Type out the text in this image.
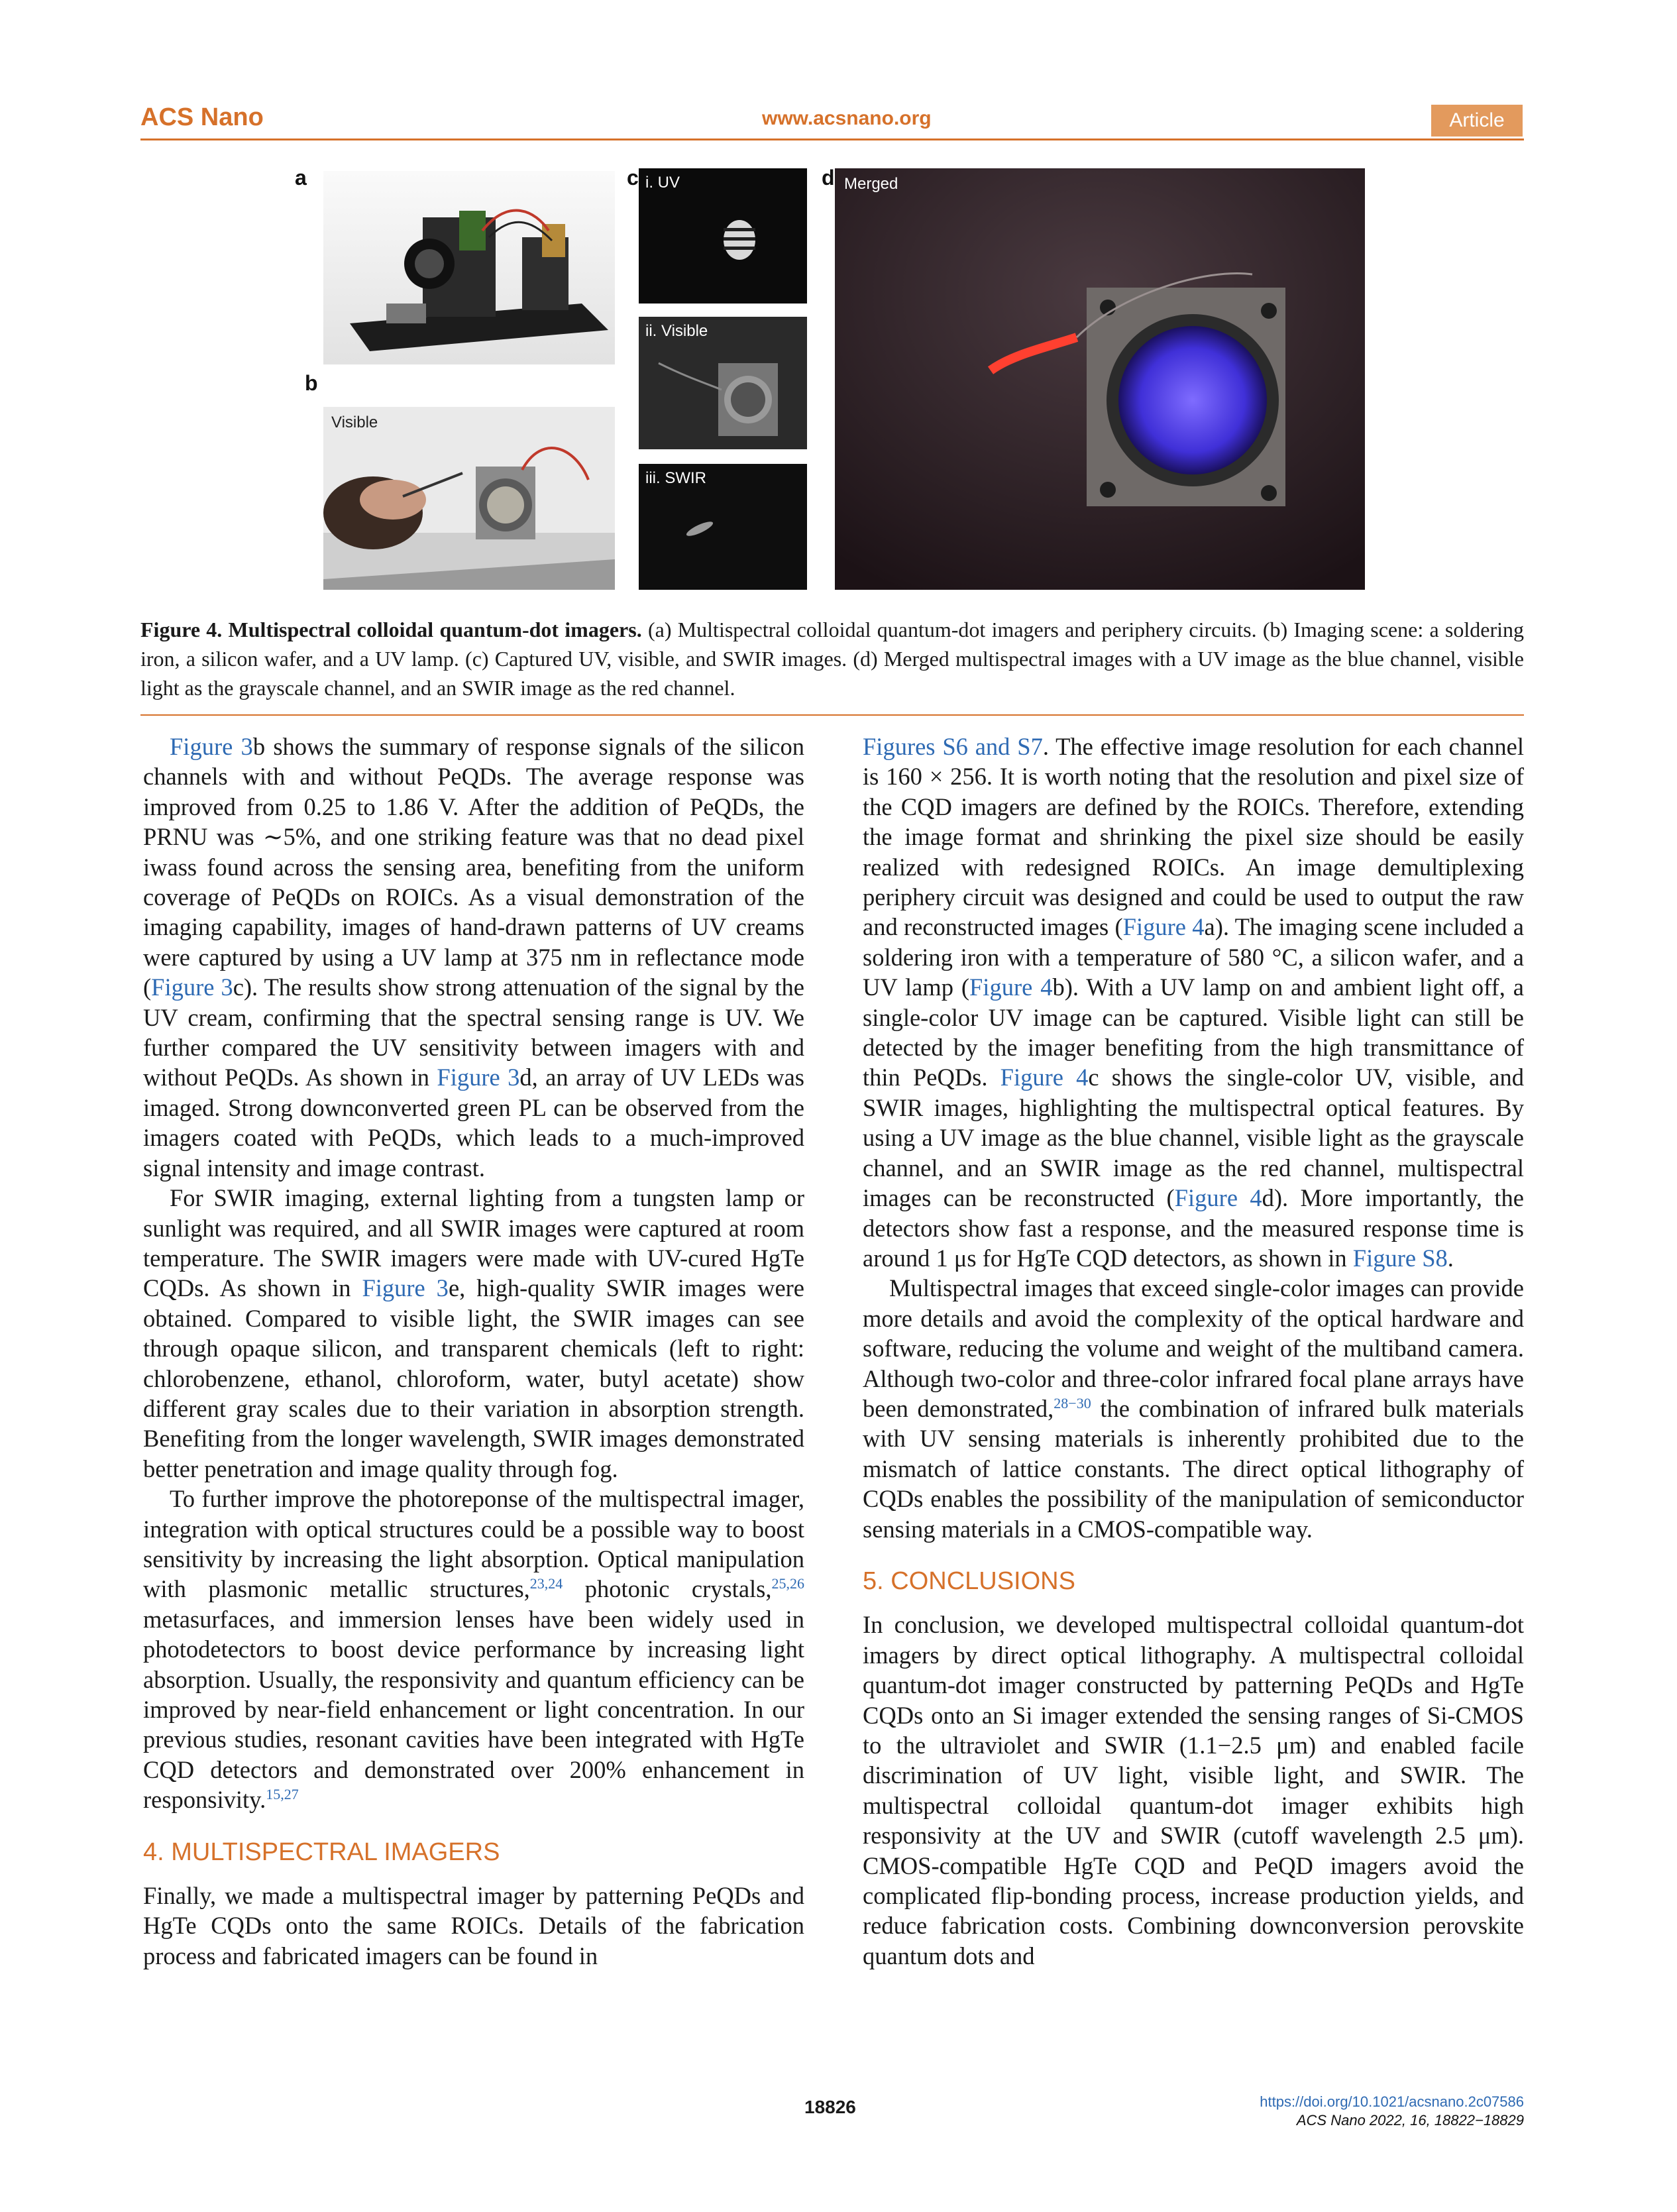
ACS Nano	www.acsnano.org	Article
a
b
c	d
Visible
i. UV
ii. Visible
iii. SWIR
Merged
Figure 4. Multispectral colloidal quantum-dot imagers. (a) Multispectral colloidal quantum-dot imagers and periphery circuits. (b) Imaging scene: a soldering iron, a silicon wafer, and a UV lamp. (c) Captured UV, visible, and SWIR images. (d) Merged multispectral images with a UV image as the blue channel, visible light as the grayscale channel, and an SWIR image as the red channel.

Figure 3b shows the summary of response signals of the silicon channels with and without PeQDs. The average response was improved from 0.25 to 1.86 V. After the addition of PeQDs, the PRNU was ∼5%, and one striking feature was that no dead pixel iwass found across the sensing area, benefiting from the uniform coverage of PeQDs on ROICs. As a visual demonstration of the imaging capability, images of hand-drawn patterns of UV creams were captured by using a UV lamp at 375 nm in reflectance mode (Figure 3c). The results show strong attenuation of the signal by the UV cream, confirming that the spectral sensing range is UV. We further compared the UV sensitivity between imagers with and without PeQDs. As shown in Figure 3d, an array of UV LEDs was imaged. Strong downconverted green PL can be observed from the imagers coated with PeQDs, which leads to a much-improved signal intensity and image contrast.

For SWIR imaging, external lighting from a tungsten lamp or sunlight was required, and all SWIR images were captured at room temperature. The SWIR imagers were made with UV-cured HgTe CQDs. As shown in Figure 3e, high-quality SWIR images were obtained. Compared to visible light, the SWIR images can see through opaque silicon, and transparent chemicals (left to right: chlorobenzene, ethanol, chloroform, water, butyl acetate) show different gray scales due to their variation in absorption strength. Benefiting from the longer wavelength, SWIR images demonstrated better penetration and image quality through fog.

To further improve the photoreponse of the multispectral imager, integration with optical structures could be a possible way to boost sensitivity by increasing the light absorption. Optical manipulation with plasmonic metallic structures,$^{23,24}$ photonic crystals,$^{25,26}$ metasurfaces, and immersion lenses have been widely used in photodetectors to boost device performance by increasing light absorption. Usually, the responsivity and quantum efficiency can be improved by near-field enhancement or light concentration. In our previous studies, resonant cavities have been integrated with HgTe CQD detectors and demonstrated over 200% enhancement in responsivity.$^{15,27}$

4. MULTISPECTRAL IMAGERS

Finally, we made a multispectral imager by patterning PeQDs and HgTe CQDs onto the same ROICs. Details of the fabrication process and fabricated imagers can be found in

Figures S6 and S7. The effective image resolution for each channel is 160 × 256. It is worth noting that the resolution and pixel size of the CQD imagers are defined by the ROICs. Therefore, extending the image format and shrinking the pixel size should be easily realized with redesigned ROICs. An image demultiplexing periphery circuit was designed and could be used to output the raw and reconstructed images (Figure 4a). The imaging scene included a soldering iron with a temperature of 580 °C, a silicon wafer, and a UV lamp (Figure 4b). With a UV lamp on and ambient light off, a single-color UV image can be captured. Visible light can still be detected by the imager benefiting from the high transmittance of thin PeQDs. Figure 4c shows the single-color UV, visible, and SWIR images, highlighting the multispectral optical features. By using a UV image as the blue channel, visible light as the grayscale channel, and an SWIR image as the red channel, multispectral images can be reconstructed (Figure 4d). More importantly, the detectors show fast a response, and the measured response time is around 1 μs for HgTe CQD detectors, as shown in Figure S8.

Multispectral images that exceed single-color images can provide more details and avoid the complexity of the optical hardware and software, reducing the volume and weight of the multiband camera. Although two-color and three-color infrared focal plane arrays have been demonstrated,$^{28-30}$ the combination of infrared bulk materials with UV sensing materials is inherently prohibited due to the mismatch of lattice constants. The direct optical lithography of CQDs enables the possibility of the manipulation of semiconductor sensing materials in a CMOS-compatible way.

5. CONCLUSIONS

In conclusion, we developed multispectral colloidal quantum-dot imagers by direct optical lithography. A multispectral colloidal quantum-dot imager constructed by patterning PeQDs and HgTe CQDs onto an Si imager extended the sensing ranges of Si-CMOS to the ultraviolet and SWIR (1.1−2.5 μm) and enabled facile discrimination of UV light, visible light, and SWIR. The multispectral colloidal quantum-dot imager exhibits high responsivity at the UV and SWIR (cutoff wavelength 2.5 μm). CMOS-compatible HgTe CQD and PeQD imagers avoid the complicated flip-bonding process, increase production yields, and reduce fabrication costs. Combining downconversion perovskite quantum dots and

18826	https://doi.org/10.1021/acsnano.2c07586
ACS Nano 2022, 16, 18822−18829
